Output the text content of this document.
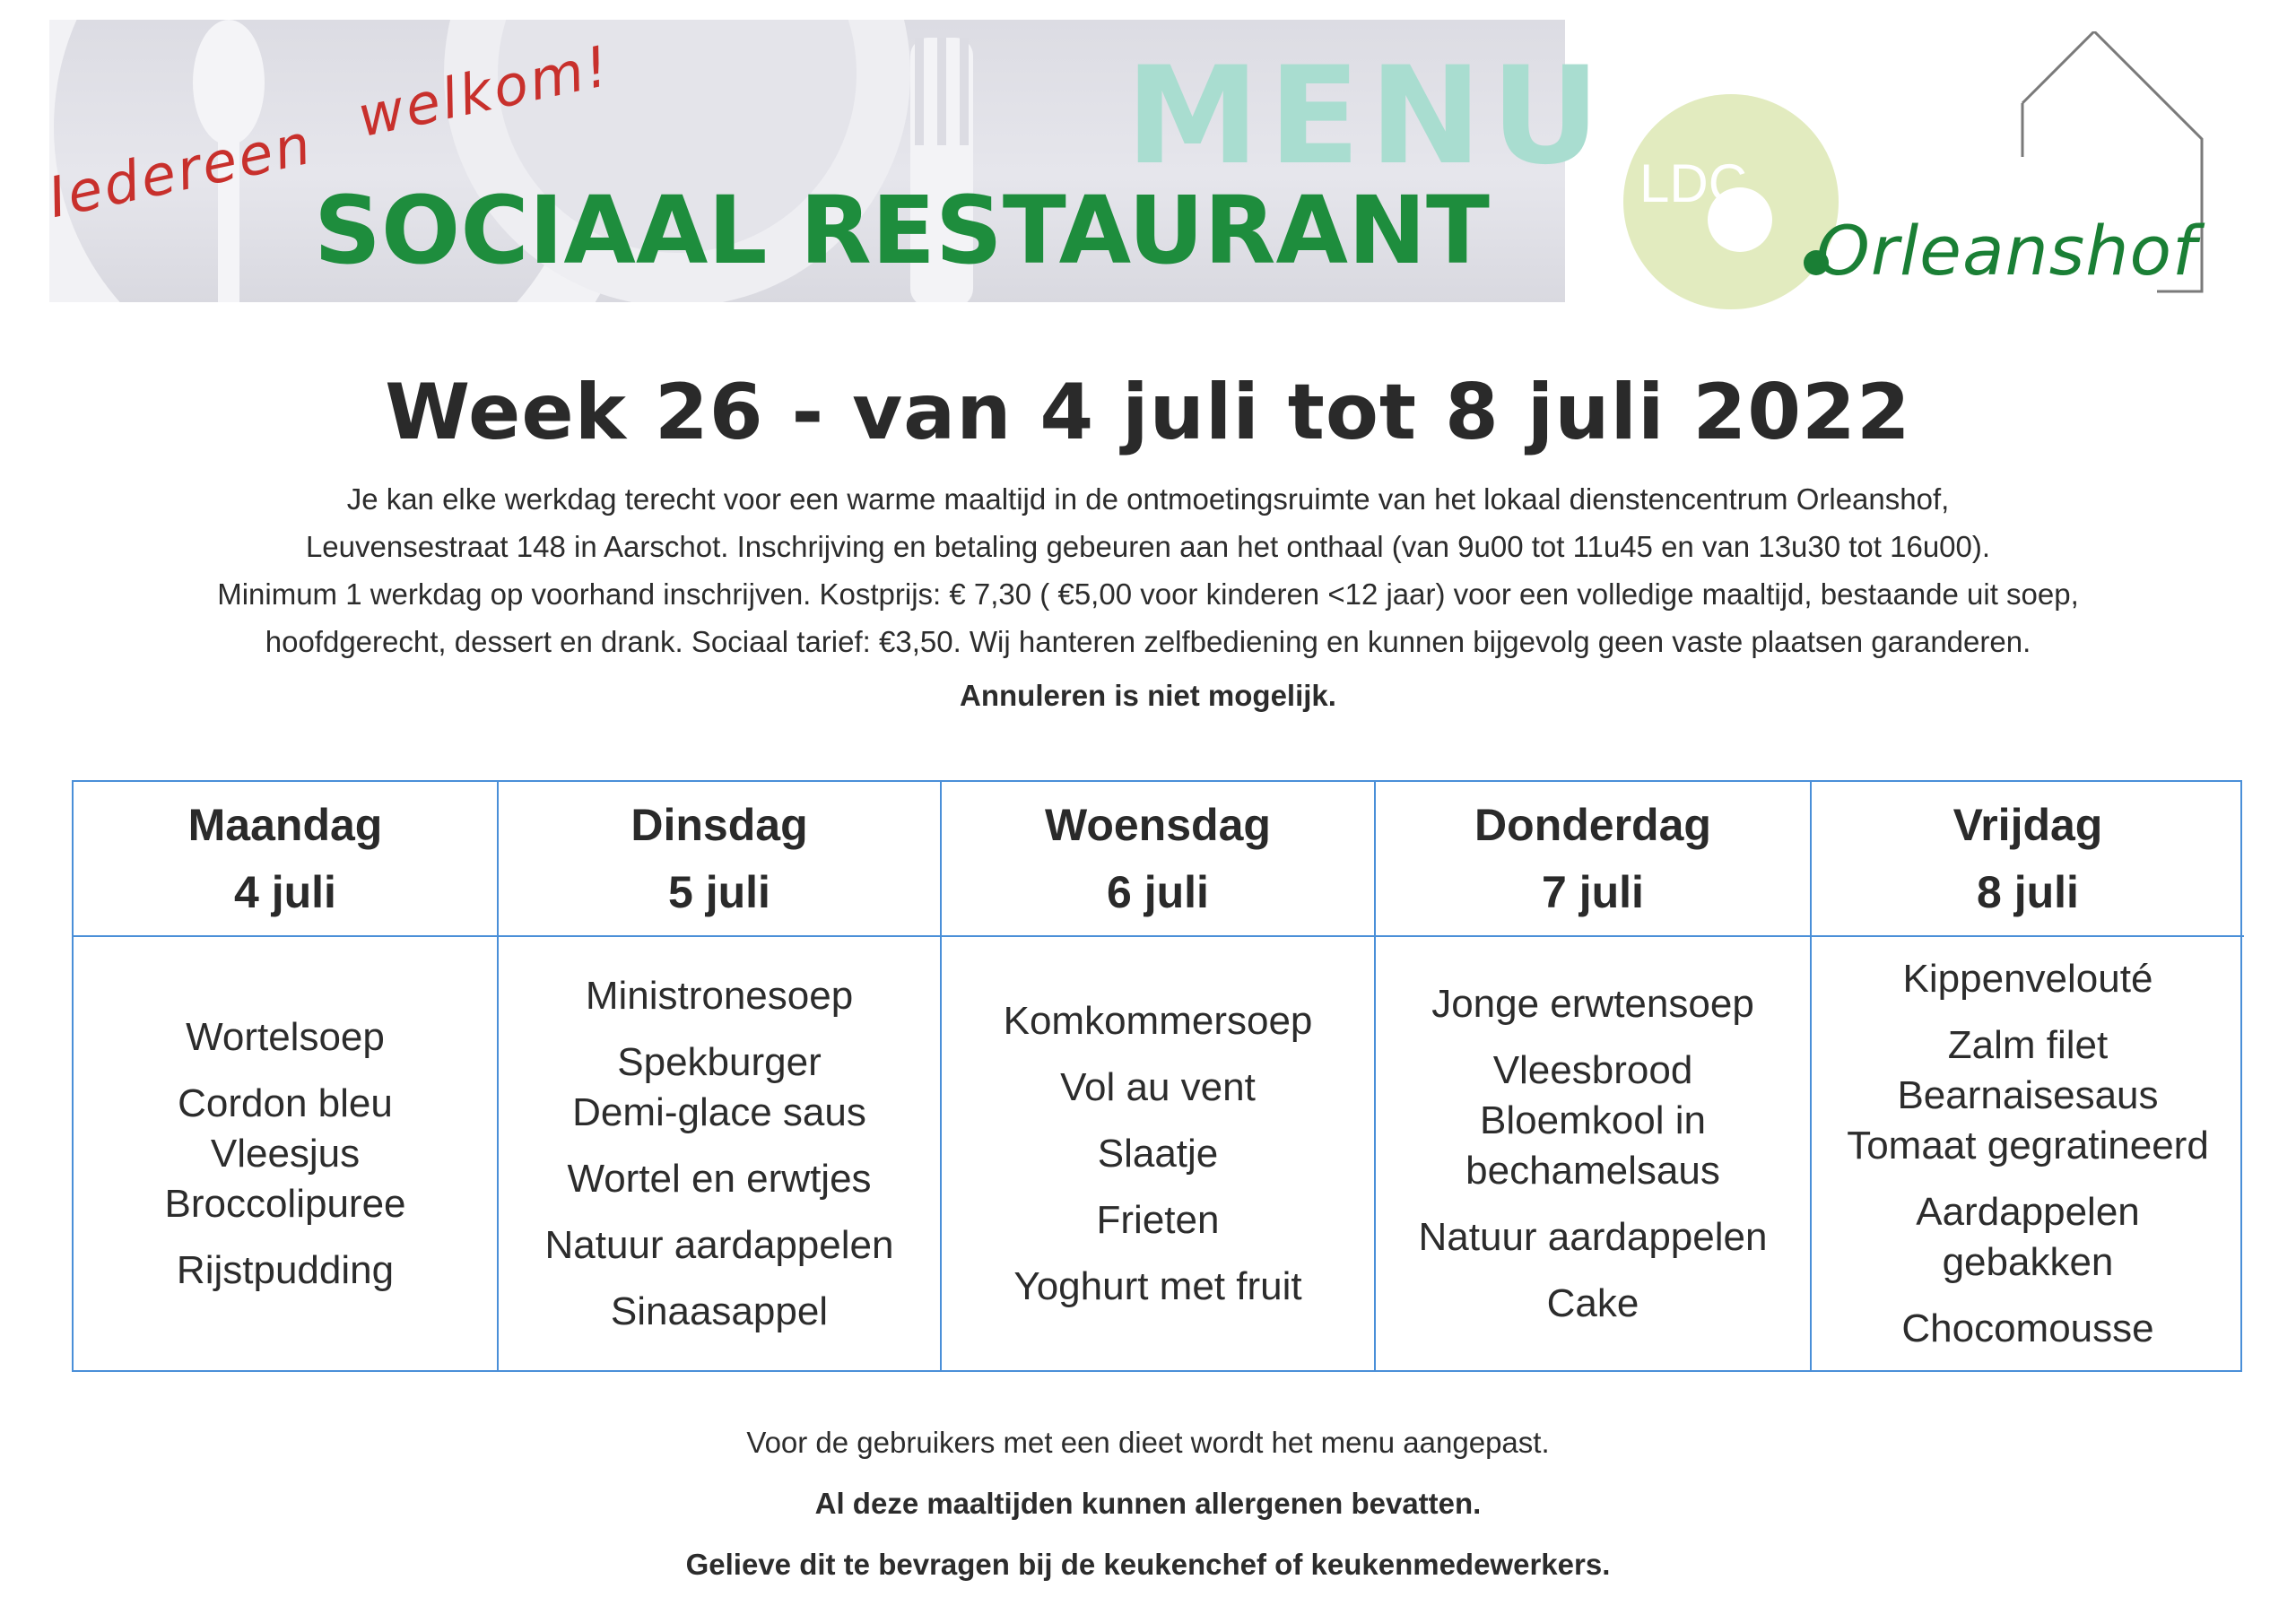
Iedereen
welkom!	MENU
SOCIAAL RESTAURANT	LDC
Orleanshof
Week 26 - van 4 juli tot 8 juli 2022
Je kan elke werkdag terecht voor een warme maaltijd in de ontmoetingsruimte van het lokaal dienstencentrum Orleanshof,
Leuvensestraat 148 in Aarschot. Inschrijving en betaling gebeuren aan het onthaal (van 9u00 tot 11u45 en van 13u30 tot 16u00).
Minimum 1 werkdag op voorhand inschrijven. Kostprijs: € 7,30 ( €5,00 voor kinderen <12 jaar) voor een volledige maaltijd, bestaande uit soep,
hoofdgerecht, dessert en drank. Sociaal tarief: €3,50. Wij hanteren zelfbediening en kunnen bijgevolg geen vaste plaatsen garanderen.
Annuleren is niet mogelijk.
Maandag
4 juli
Dinsdag
5 juli
Woensdag
6 juli
Donderdag
7 juli
Vrijdag
8 juli
Wortelsoep
Cordon bleu
Vleesjus
Broccolipuree
Rijstpudding
Ministronesoep
Spekburger
Demi-glace saus
Wortel en erwtjes
Natuur aardappelen
Sinaasappel
Komkommersoep
Vol au vent
Slaatje
Frieten
Yoghurt met fruit
Jonge erwtensoep
Vleesbrood
Bloemkool in
bechamelsaus
Natuur aardappelen
Cake
Kippenvelouté
Zalm filet
Bearnaisesaus
Tomaat gegratineerd
Aardappelen
gebakken
Chocomousse
Voor de gebruikers met een dieet wordt het menu aangepast.
Al deze maaltijden kunnen allergenen bevatten.
Gelieve dit te bevragen bij de keukenchef of keukenmedewerkers.
